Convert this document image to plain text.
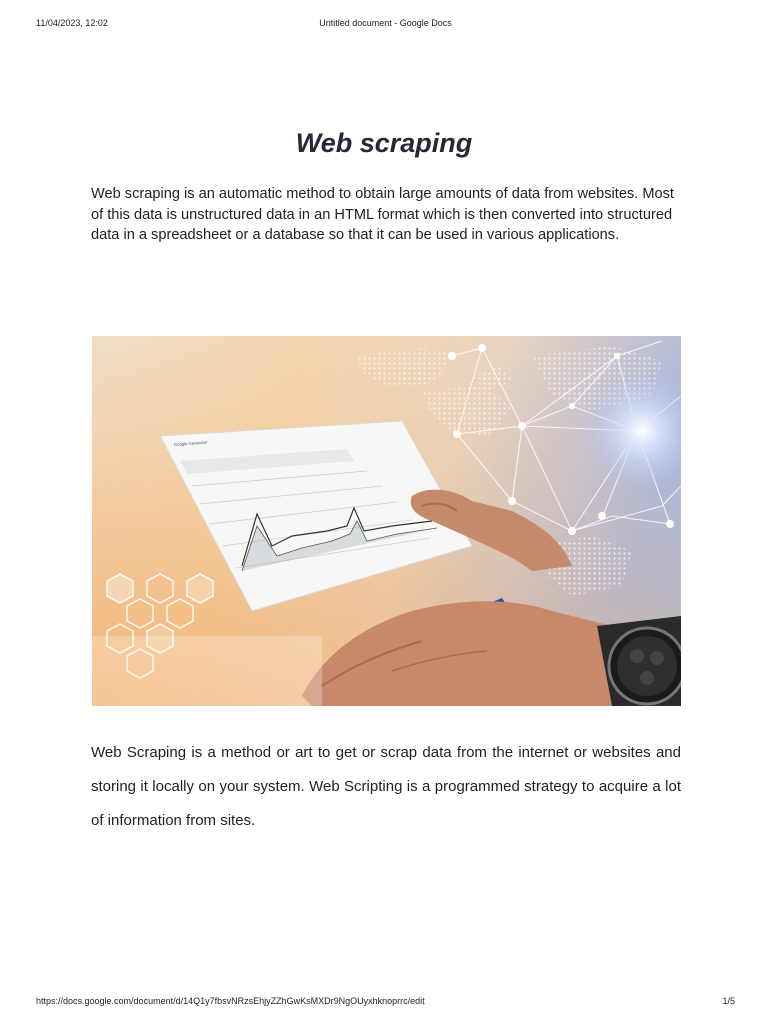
11/04/2023, 12:02	Untitled document - Google Docs
Web scraping

Web scraping is an automatic method to obtain large amounts of data from websites. Most of this data is unstructured data in an HTML format which is then converted into structured data in a spreadsheet or a database so that it can be used in various applications.

Google Generator

Web Scraping is a method or art to get or scrap data from the internet or websites and storing it locally on your system. Web Scripting is a programmed strategy to acquire a lot of information from sites.

https://docs.google.com/document/d/14Q1y7fbsvNRzsEhjyZZhGwKsMXDr9NgOUyxhknoprrc/edit	1/5
